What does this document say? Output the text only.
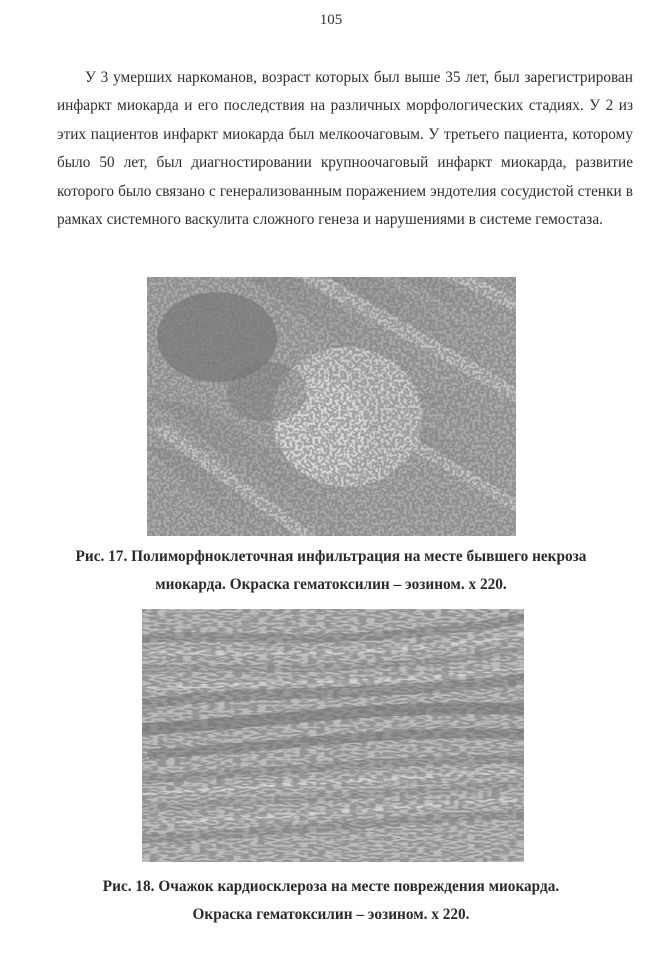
105

У 3 умерших наркоманов, возраст которых был выше 35 лет, был зарегистрирован инфаркт миокарда и его последствия на различных морфологических стадиях. У 2 из этих пациентов инфаркт миокарда был мелкоочаговым. У третьего пациента, которому было 50 лет, был диагностировании крупноочаговый инфаркт миокарда, развитие которого было связано с генерализованным поражением эндотелия сосудистой стенки в рамках системного васкулита сложного генеза и нарушениями в системе гемостаза.

Рис. 17. Полиморфноклеточная инфильтрация на месте бывшего некроза
миокарда. Окраска гематоксилин – эозином. х 220.

Рис. 18. Очажок кардиосклероза на месте повреждения миокарда.
Окраска гематоксилин – эозином. х 220.
